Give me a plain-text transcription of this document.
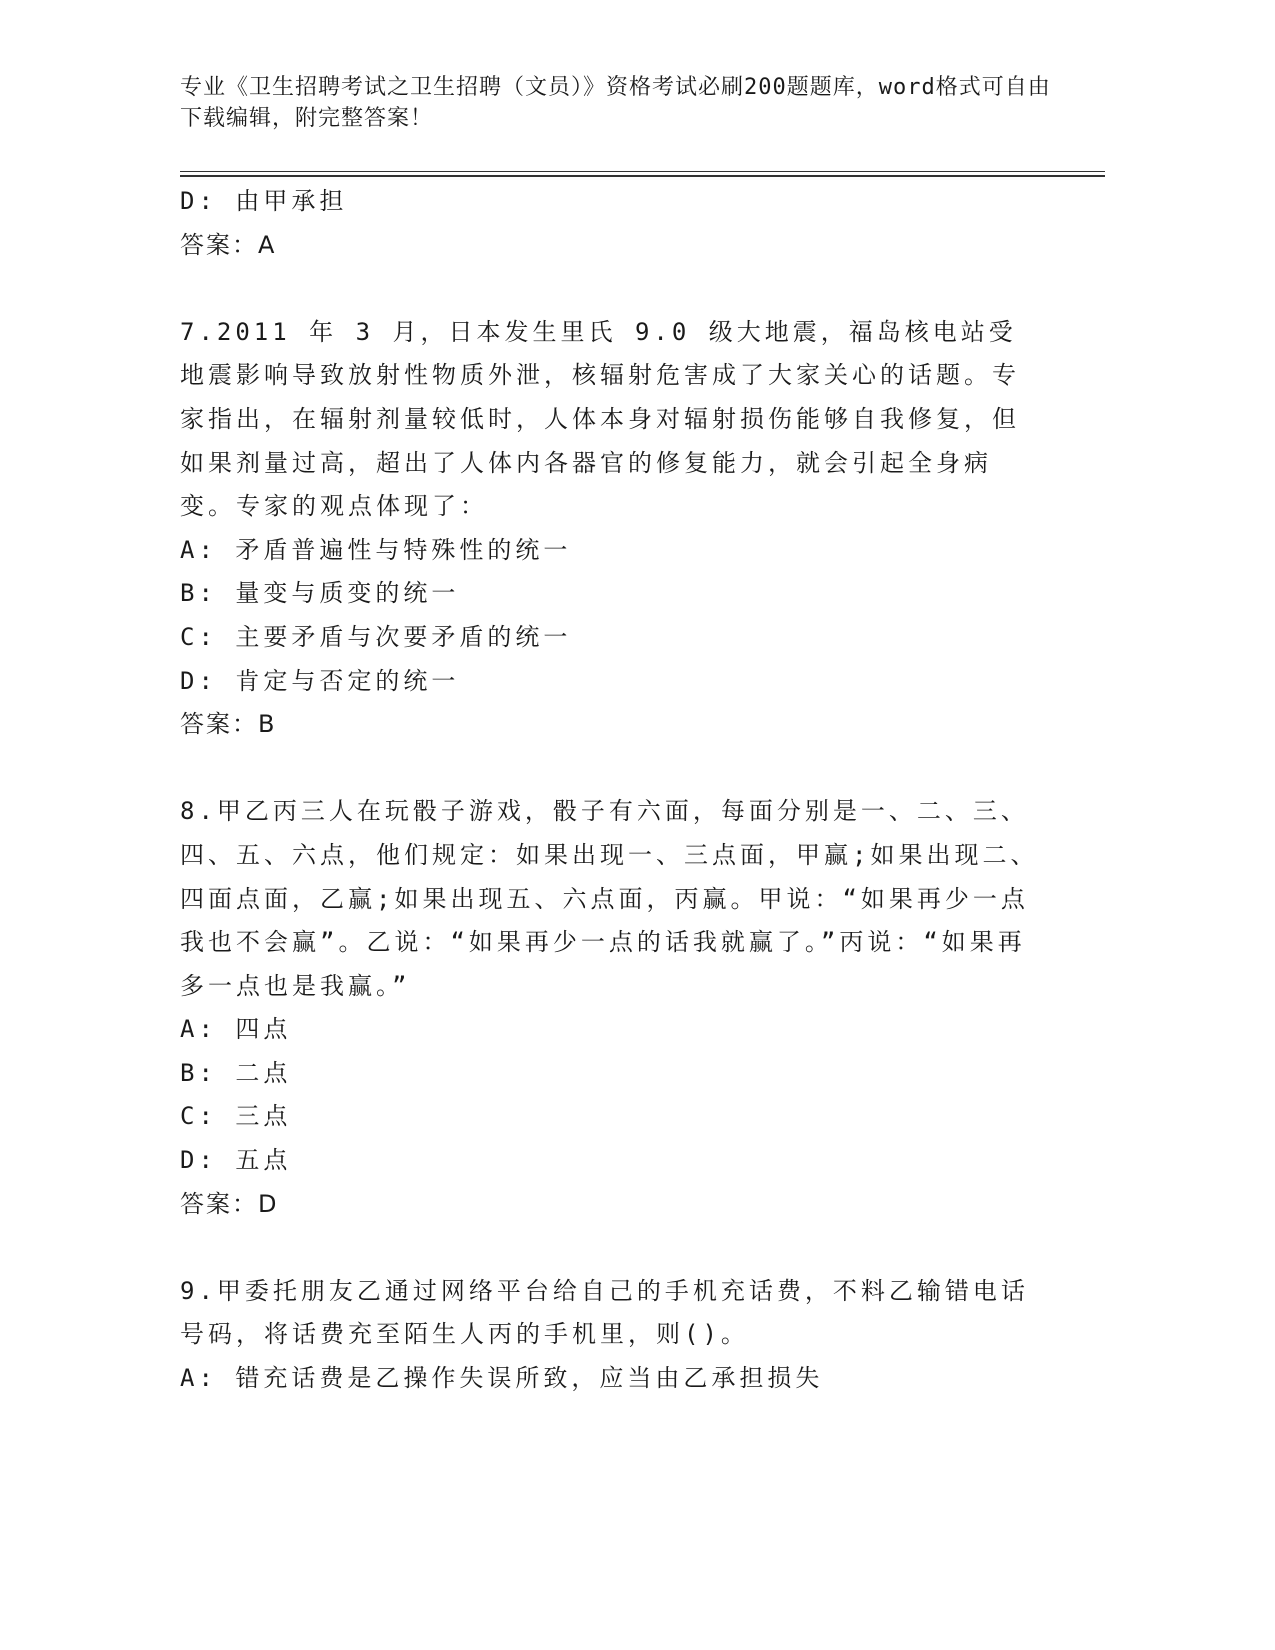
专业《卫生招聘考试之卫生招聘（文员）》资格考试必刷200题题库，word格式可自由下载编辑，附完整答案！
D: 由甲承担
答案：A
7.2011 年 3 月，日本发生里氏 9.0 级大地震，福岛核电站受地震影响导致放射性物质外泄，核辐射危害成了大家关心的话题。专家指出，在辐射剂量较低时，人体本身对辐射损伤能够自我修复，但如果剂量过高，超出了人体内各器官的修复能力，就会引起全身病变。专家的观点体现了：
A: 矛盾普遍性与特殊性的统一
B: 量变与质变的统一
C: 主要矛盾与次要矛盾的统一
D: 肯定与否定的统一
答案：B
8.甲乙丙三人在玩骰子游戏，骰子有六面，每面分别是一、二、三、四、五、六点，他们规定：如果出现一、三点面，甲赢;如果出现二、四面点面，乙赢;如果出现五、六点面，丙赢。甲说：“如果再少一点我也不会赢”。乙说：“如果再少一点的话我就赢了。”丙说：“如果再多一点也是我赢。”
A: 四点
B: 二点
C: 三点
D: 五点
答案：D
9.甲委托朋友乙通过网络平台给自己的手机充话费，不料乙输错电话号码，将话费充至陌生人丙的手机里，则()。
A: 错充话费是乙操作失误所致，应当由乙承担损失
